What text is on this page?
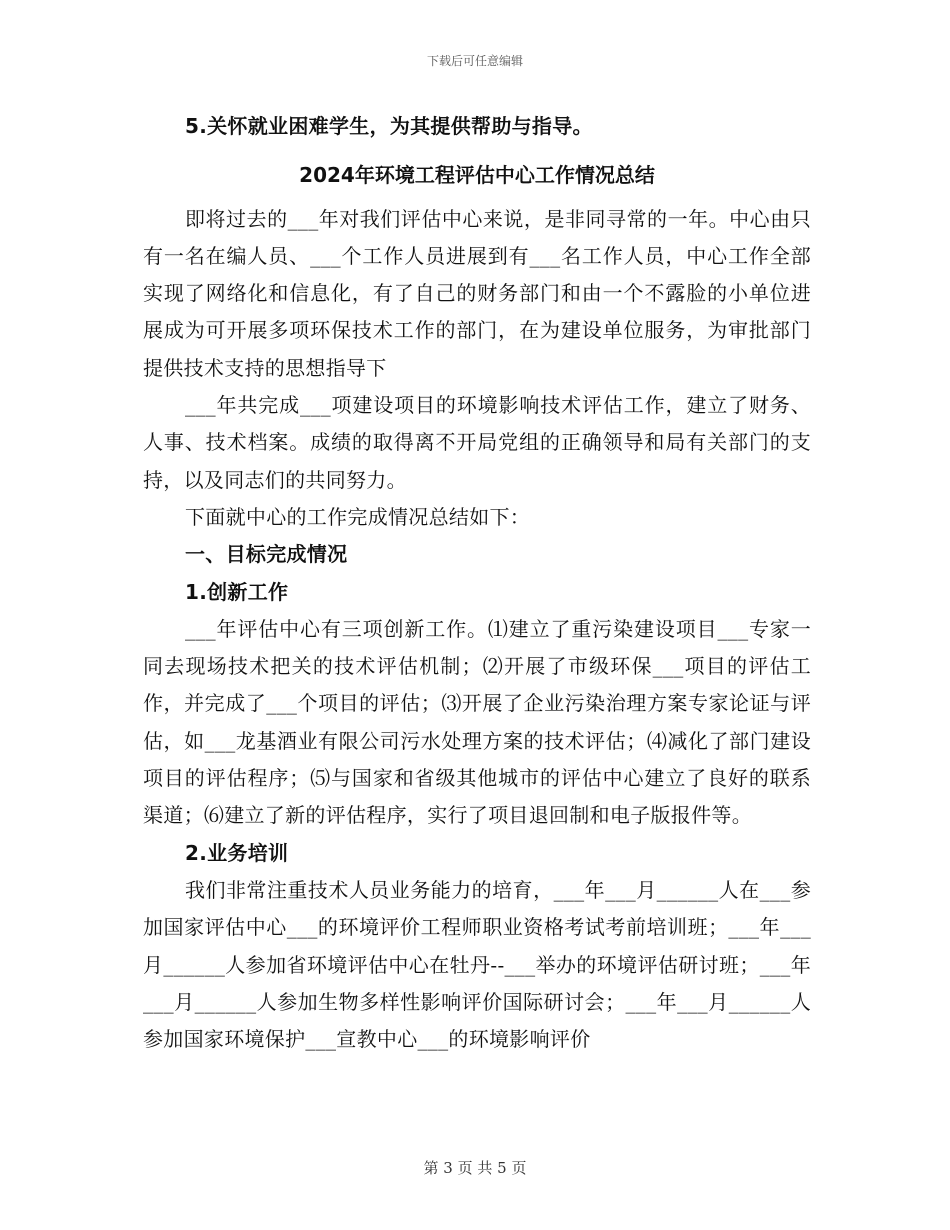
下载后可任意编辑

5.关怀就业困难学生，为其提供帮助与指导。

2024年环境工程评估中心工作情况总结

即将过去的___年对我们评估中心来说，是非同寻常的一年。中心由只有一名在编人员、___个工作人员进展到有___名工作人员，中心工作全部实现了网络化和信息化，有了自己的财务部门和由一个不露脸的小单位进展成为可开展多项环保技术工作的部门，在为建设单位服务，为审批部门提供技术支持的思想指导下

___年共完成___项建设项目的环境影响技术评估工作，建立了财务、人事、技术档案。成绩的取得离不开局党组的正确领导和局有关部门的支持，以及同志们的共同努力。

下面就中心的工作完成情况总结如下：

一、目标完成情况

1.创新工作

___年评估中心有三项创新工作。⑴建立了重污染建设项目___专家一同去现场技术把关的技术评估机制；⑵开展了市级环保___项目的评估工作，并完成了___个项目的评估；⑶开展了企业污染治理方案专家论证与评估，如___龙基酒业有限公司污水处理方案的技术评估；⑷减化了部门建设项目的评估程序；⑸与国家和省级其他城市的评估中心建立了良好的联系渠道；⑹建立了新的评估程序，实行了项目退回制和电子版报件等。

2.业务培训

我们非常注重技术人员业务能力的培育，___年___月______人在___参加国家评估中心___的环境评价工程师职业资格考试考前培训班；___年___月______人参加省环境评估中心在牡丹--___举办的环境评估研讨班；___年___月______人参加生物多样性影响评价国际研讨会；___年___月______人参加国家环境保护___宣教中心___的环境影响评价

第 3 页 共 5 页
